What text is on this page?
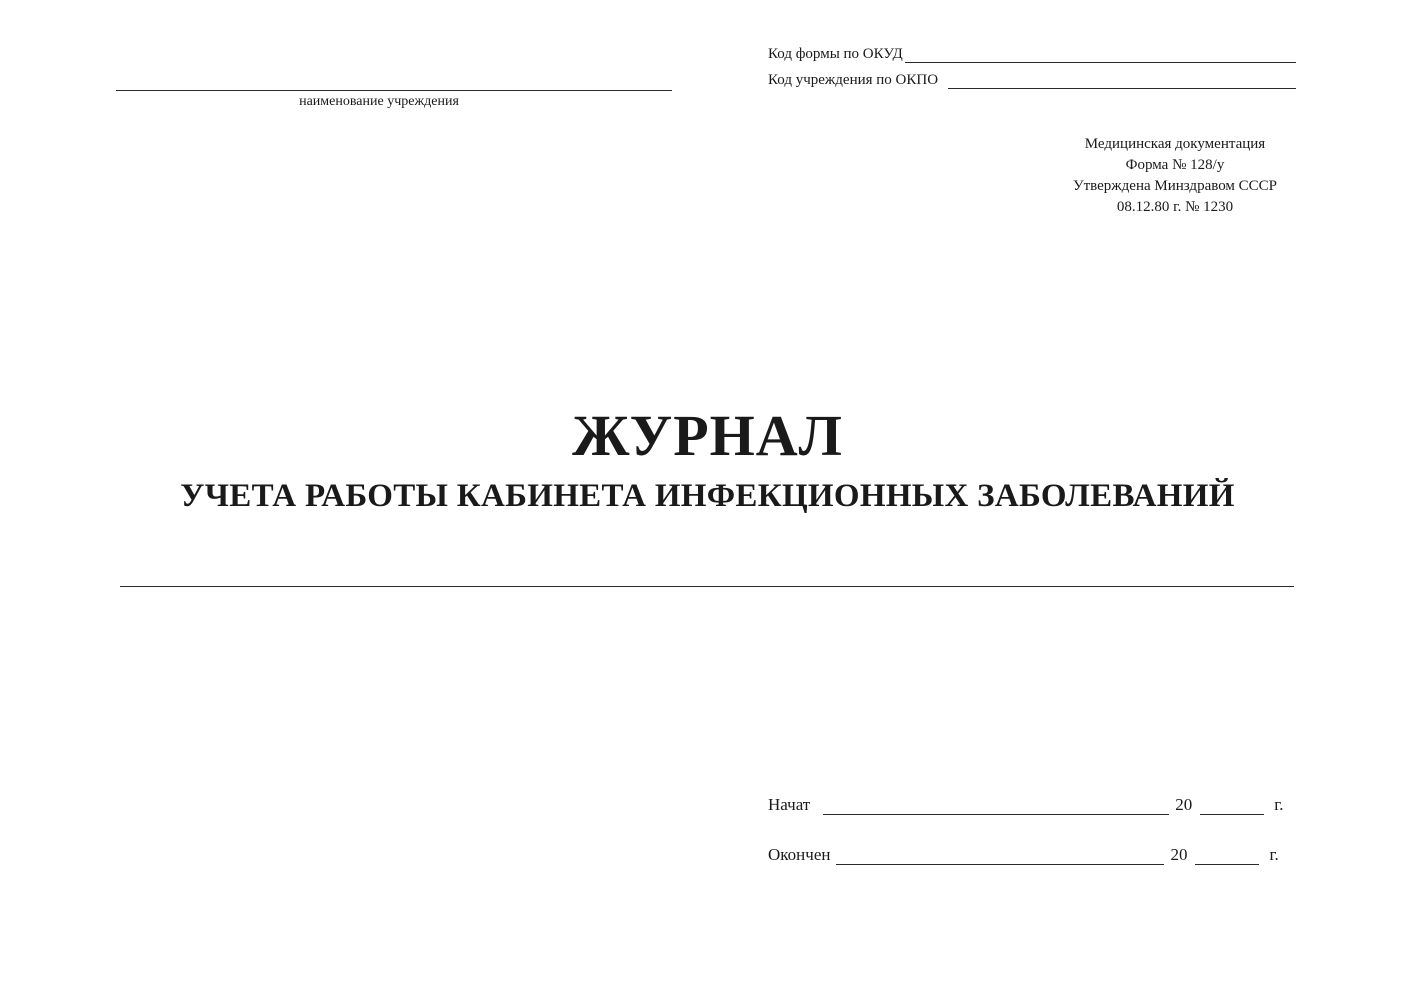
наименование учреждения
Код формы по ОКУД
Код учреждения по ОКПО
Медицинская документация
Форма № 128/у
Утверждена Минздравом СССР
08.12.80 г. № 1230
ЖУРНАЛ
УЧЕТА РАБОТЫ КАБИНЕТА ИНФЕКЦИОННЫХ ЗАБОЛЕВАНИЙ
Начат	20	г.
Окончен	20	г.
